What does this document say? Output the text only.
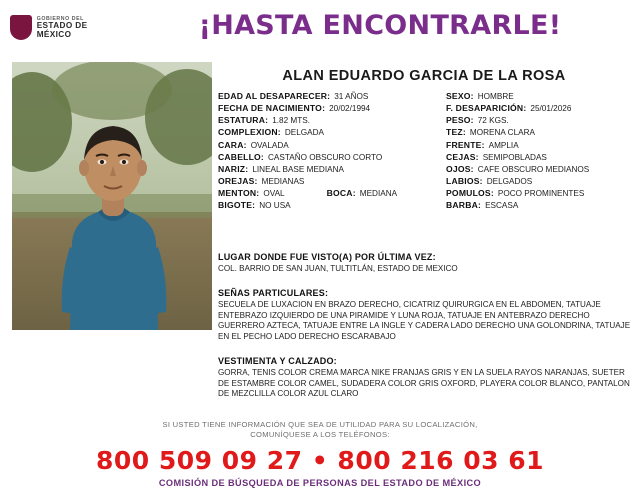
GOBIERNO DEL
ESTADO DE MÉXICO	¡HASTA ENCONTRARLE!
ALAN EDUARDO GARCIA DE LA ROSA
EDAD AL DESAPARECER: 31 AÑOS	SEXO: HOMBRE
FECHA DE NACIMIENTO: 20/02/1994	F. DESAPARICIÓN: 25/01/2026
ESTATURA: 1.82 MTS.	PESO: 72 KGS.
COMPLEXION: DELGADA	TEZ: MORENA CLARA
CARA: OVALADA	FRENTE: AMPLIA
CABELLO: CASTAÑO OBSCURO CORTO	CEJAS: SEMIPOBLADAS
NARIZ: LINEAL BASE MEDIANA	OJOS: CAFE OBSCURO MEDIANOS
OREJAS: MEDIANAS	LABIOS: DELGADOS
MENTON: OVAL	BOCA: MEDIANA	POMULOS: POCO PROMINENTES
BIGOTE: NO USA	BARBA: ESCASA
LUGAR DONDE FUE VISTO(A) POR ÚLTIMA VEZ:
COL. BARRIO DE SAN JUAN, TULTITLÁN, ESTADO DE MEXICO
SEÑAS PARTICULARES:
SECUELA DE LUXACION EN BRAZO DERECHO, CICATRIZ QUIRURGICA EN EL ABDOMEN, TATUAJE ENTEBRAZO IZQUIERDO DE UNA PIRAMIDE Y LUNA ROJA, TATUAJE EN ANTEBRAZO DERECHO GUERRERO AZTECA, TATUAJE ENTRE LA INGLE Y CADERA LADO DERECHO UNA GOLONDRINA, TATUAJE EN EL PECHO LADO DERECHO ESCARABAJO
VESTIMENTA Y CALZADO:
GORRA, TENIS COLOR CREMA MARCA NIKE FRANJAS GRIS Y EN LA SUELA RAYOS NARANJAS, SUETER DE ESTAMBRE COLOR CAMEL, SUDADERA COLOR GRIS OXFORD, PLAYERA COLOR BLANCO, PANTALON DE MEZCLILLA COLOR AZUL CLARO
SI USTED TIENE INFORMACIÓN QUE SEA DE UTILIDAD PARA SU LOCALIZACIÓN,
COMUNÍQUESE A LOS TELÉFONOS:
800 509 09 27 • 800 216 03 61
COMISIÓN DE BÚSQUEDA DE PERSONAS DEL ESTADO DE MÉXICO
